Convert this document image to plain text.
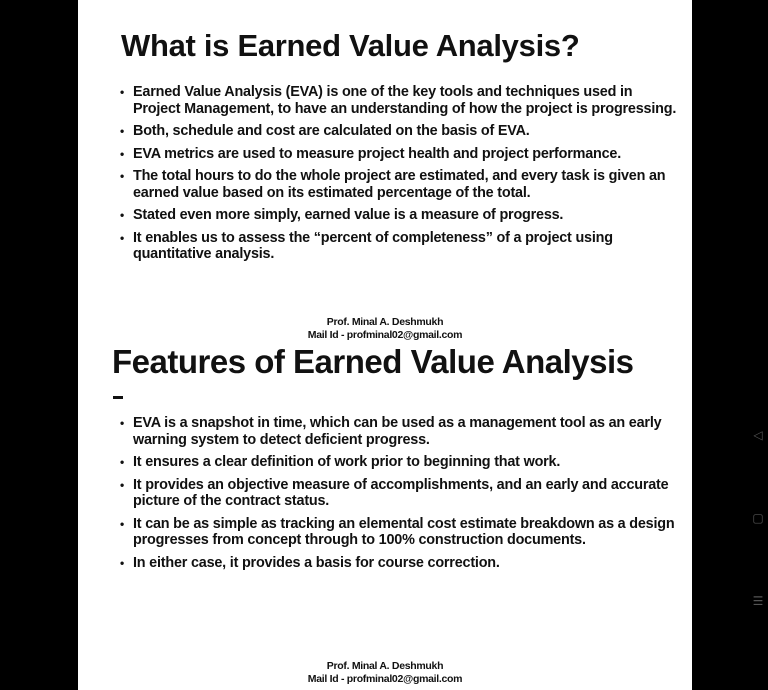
What is Earned Value Analysis?
• Earned Value Analysis (EVA) is one of the key tools and techniques used in Project Management, to have an understanding of how the project is progressing.
• Both, schedule and cost are calculated on the basis of EVA.
• EVA metrics are used to measure project health and project performance.
• The total hours to do the whole project are estimated, and every task is given an earned value based on its estimated percentage of the total.
• Stated even more simply, earned value is a measure of progress.
• It enables us to assess the “percent of completeness” of a project using quantitative analysis.
Prof. Minal A. Deshmukh
Mail Id - profminal02@gmail.com
Features of Earned Value Analysis
• EVA is a snapshot in time, which can be used as a management tool as an early warning system to detect deficient progress.
• It ensures a clear definition of work prior to beginning that work.
• It provides an objective measure of accomplishments, and an early and accurate picture of the contract status.
• It can be as simple as tracking an elemental cost estimate breakdown as a design progresses from concept through to 100% construction documents.
• In either case, it provides a basis for course correction.
Prof. Minal A. Deshmukh
Mail Id - profminal02@gmail.com
◁
▢
☰
